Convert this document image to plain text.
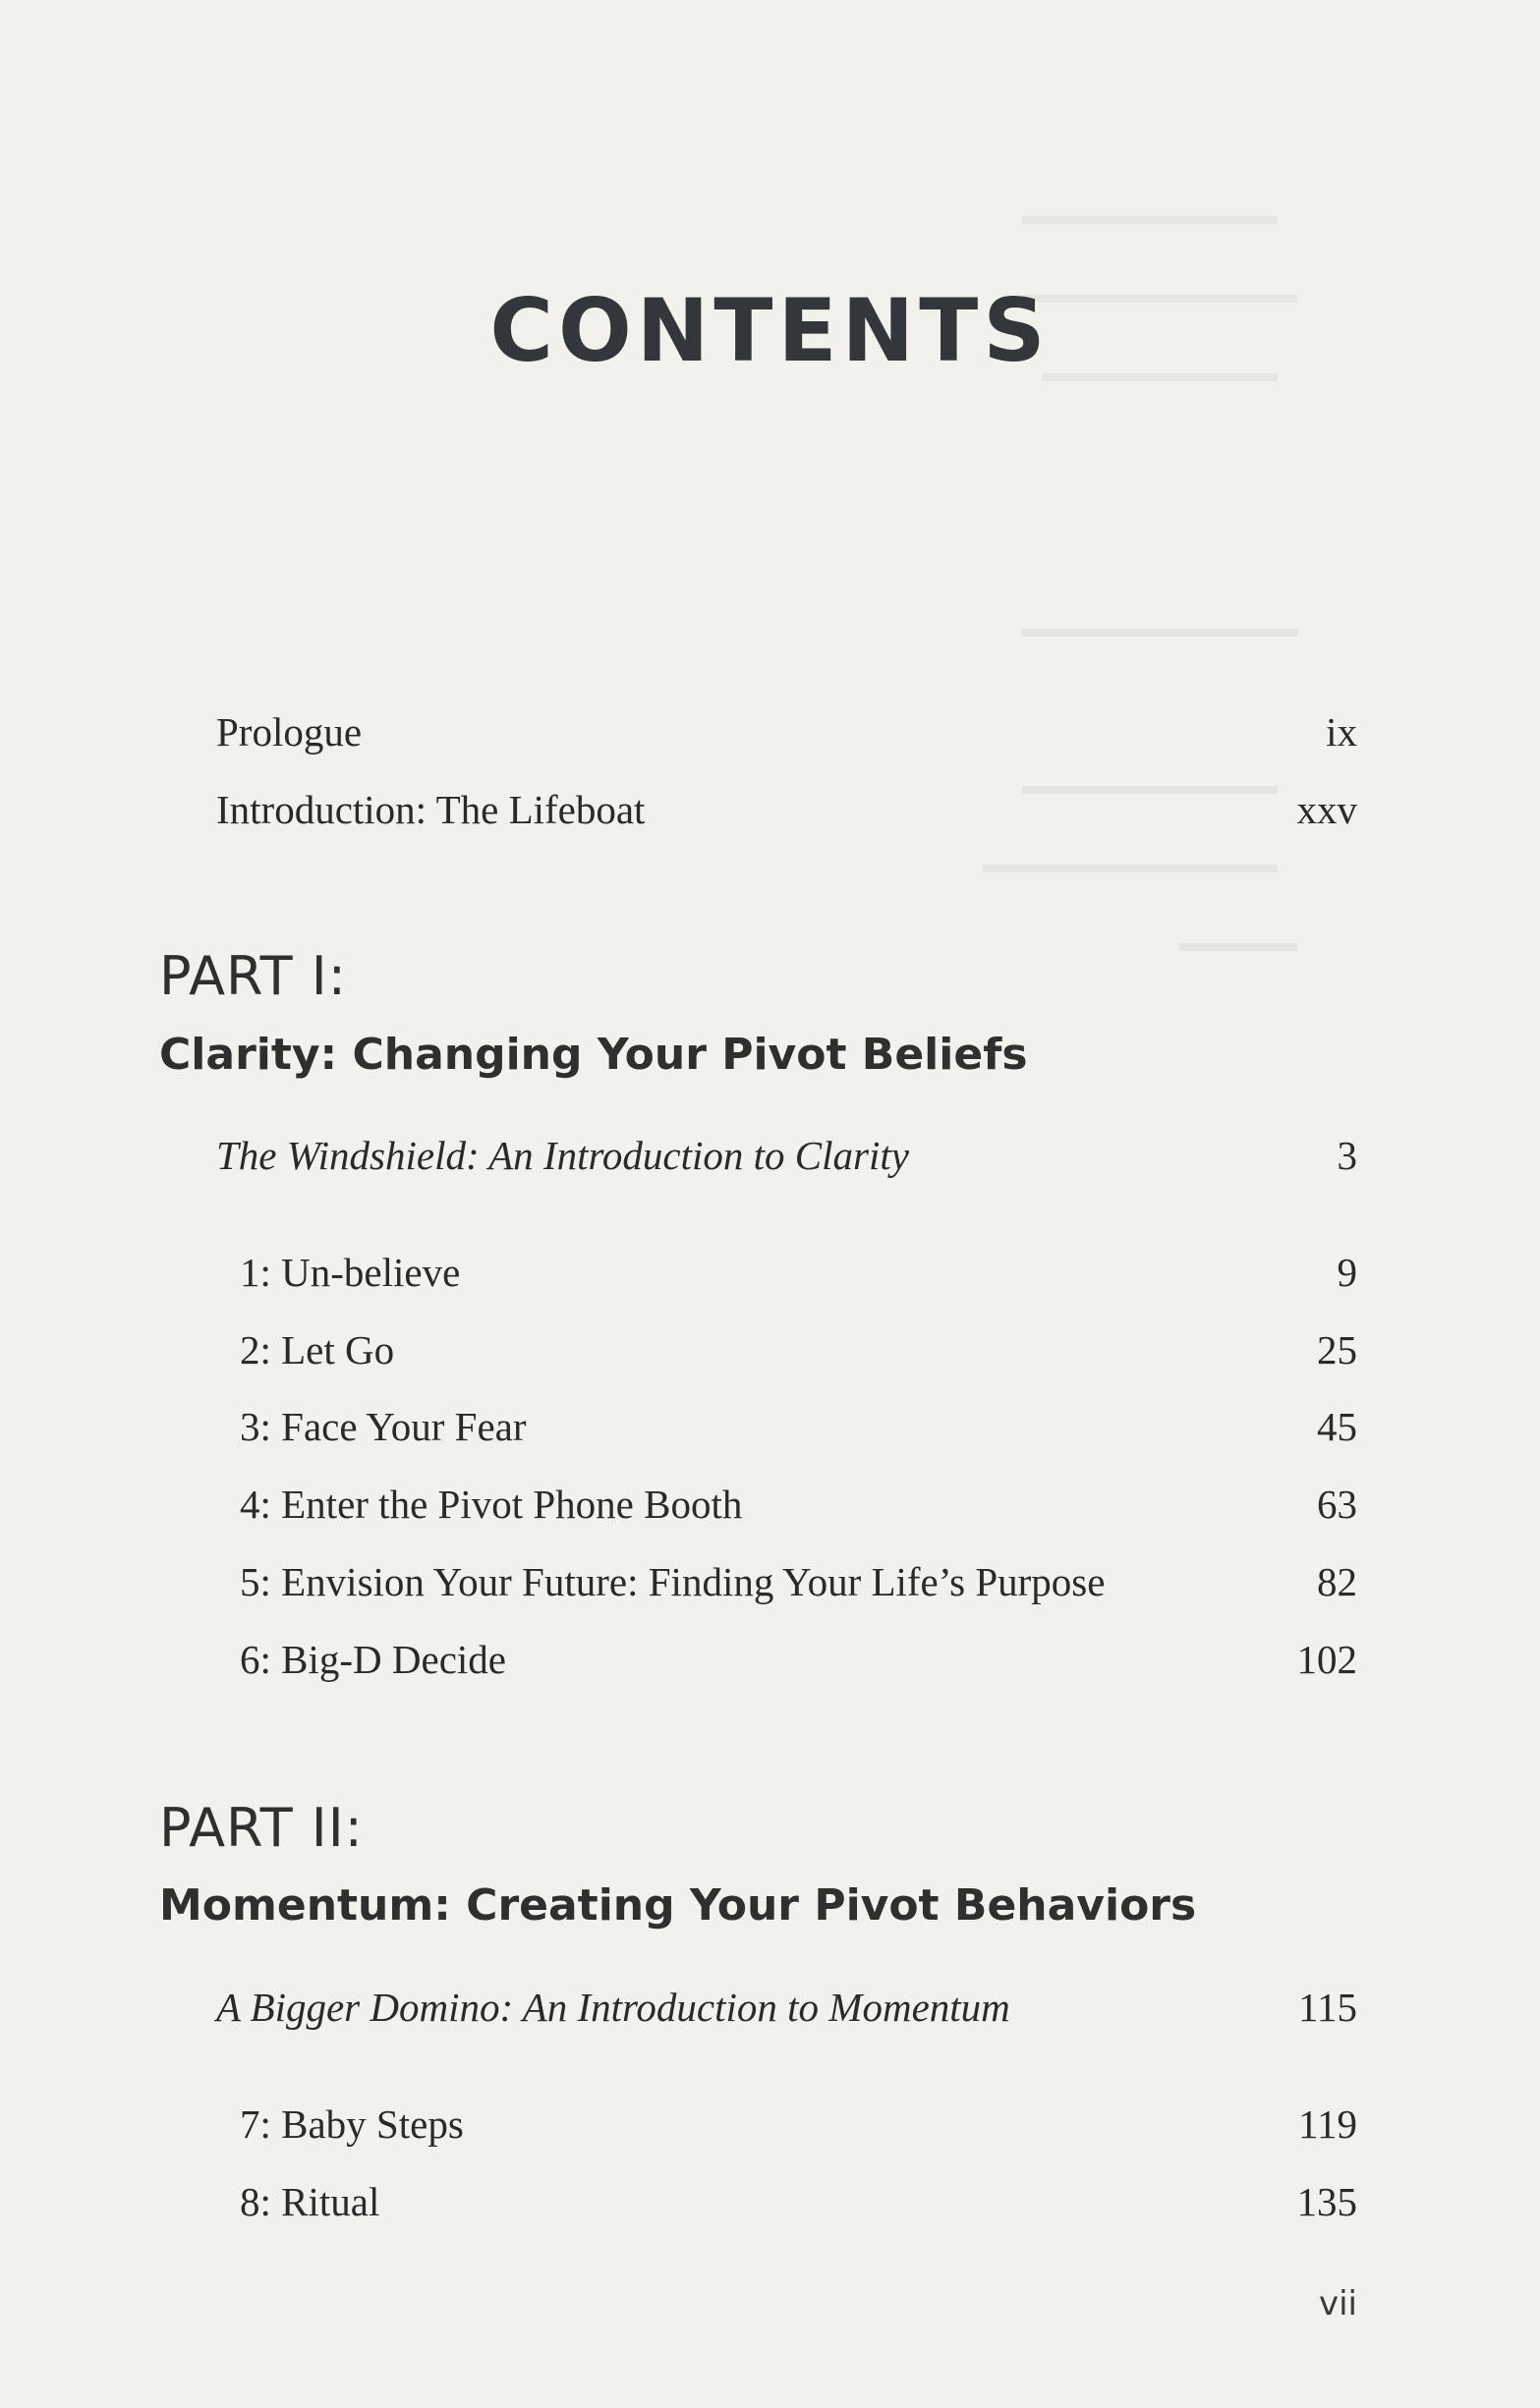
CONTENTS
Prologue	ix
Introduction: The Lifeboat	xxv
PART I:
Clarity: Changing Your Pivot Beliefs
The Windshield: An Introduction to Clarity	3
1: Un-believe	9
2: Let Go	25
3: Face Your Fear	45
4: Enter the Pivot Phone Booth	63
5: Envision Your Future: Finding Your Life’s Purpose	82
6: Big-D Decide	102
PART II:
Momentum: Creating Your Pivot Behaviors
A Bigger Domino: An Introduction to Momentum	115
7: Baby Steps	119
8: Ritual	135
vii
